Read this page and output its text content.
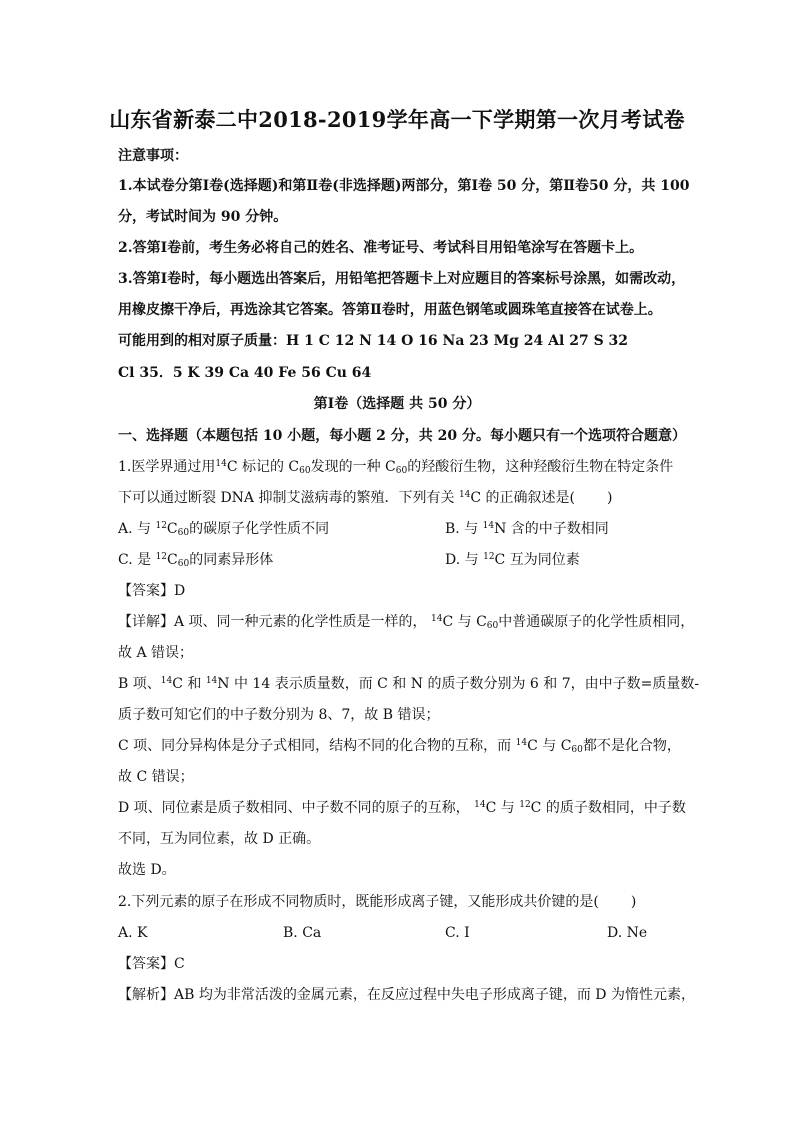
山东省新泰二中2018-2019学年高一下学期第一次月考试卷
注意事项：
1.本试卷分第Ⅰ卷(选择题)和第Ⅱ卷(非选择题)两部分，第Ⅰ卷 50 分，第Ⅱ卷50 分，共 100
分，考试时间为 90 分钟。
2.答第Ⅰ卷前，考生务必将自己的姓名、准考证号、考试科目用铅笔涂写在答题卡上。
3.答第Ⅰ卷时，每小题选出答案后，用铅笔把答题卡上对应题目的答案标号涂黑，如需改动，
用橡皮擦干净后，再选涂其它答案。答第Ⅱ卷时，用蓝色钢笔或圆珠笔直接答在试卷上。
可能用到的相对原子质量：H 1 C 12 N 14 O 16 Na 23 Mg 24 Al 27 S 32
Cl 35．5 K 39 Ca 40 Fe 56 Cu 64
第Ⅰ卷（选择题 共 50 分）
一、选择题（本题包括 10 小题，每小题 2 分，共 20 分。每小题只有一个选项符合题意）
1.医学界通过用$^{14}$C 标记的 $C_{60}$发现的一种 $C_{60}$的羟酸衍生物，这种羟酸衍生物在特定条件
下可以通过断裂 DNA 抑制艾滋病毒的繁殖．下列有关 $^{14}$C 的正确叙述是( )
A. 与 $^{12}C_{60}$的碳原子化学性质不同	B. 与 $^{14}$N 含的中子数相同
C. 是 $^{12}C_{60}$的同素异形体	D. 与 $^{12}$C 互为同位素
【答案】D
【详解】A 项、同一种元素的化学性质是一样的， $^{14}$C 与 $C_{60}$中普通碳原子的化学性质相同，
故 A 错误；
B 项、$^{14}$C 和 $^{14}$N 中 14 表示质量数，而 C 和 N 的质子数分别为 6 和 7，由中子数=质量数-
质子数可知它们的中子数分别为 8、7，故 B 错误；
C 项、同分异构体是分子式相同，结构不同的化合物的互称，而 $^{14}$C 与 $C_{60}$都不是化合物，
故 C 错误；
D 项、同位素是质子数相同、中子数不同的原子的互称， $^{14}$C 与 $^{12}$C 的质子数相同，中子数
不同，互为同位素，故 D 正确。
故选 D。
2.下列元素的原子在形成不同物质时，既能形成离子键，又能形成共价键的是( )
A. K	B. Ca	C. I	D. Ne
【答案】C
【解析】AB 均为非常活泼的金属元素，在反应过程中失电子形成离子键，而 D 为惰性元素，
